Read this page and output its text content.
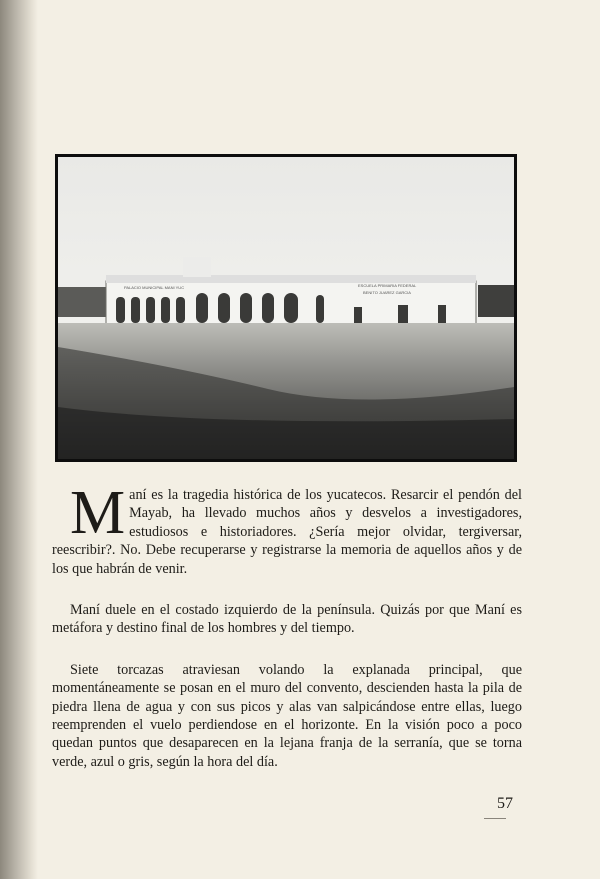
PALACIO MUNICIPAL MANI YUC	ESCUELA PRIMARIA FEDERAL
BENITO JUAREZ GARCIA

Maní es la tragedia histórica de los yucatecos. Resarcir el pendón del Mayab, ha llevado muchos años y desvelos a investigadores, estudiosos e historiadores. ¿Sería mejor olvidar, tergiversar, reescribir?. No. Debe recuperarse y registrarse la memoria de aquellos años y de los que habrán de venir.

Maní duele en el costado izquierdo de la península. Quizás por que Maní es metáfora y destino final de los hombres y del tiempo.

Siete torcazas atraviesan volando la explanada principal, que momentáneamente se posan en el muro del convento, descienden hasta la pila de piedra llena de agua y con sus picos y alas van salpicándose entre ellas, luego reemprenden el vuelo perdiendose en el horizonte. En la visión poco a poco quedan puntos que desaparecen en la lejana franja de la serranía, que se torna verde, azul o gris, según la hora del día.

57
